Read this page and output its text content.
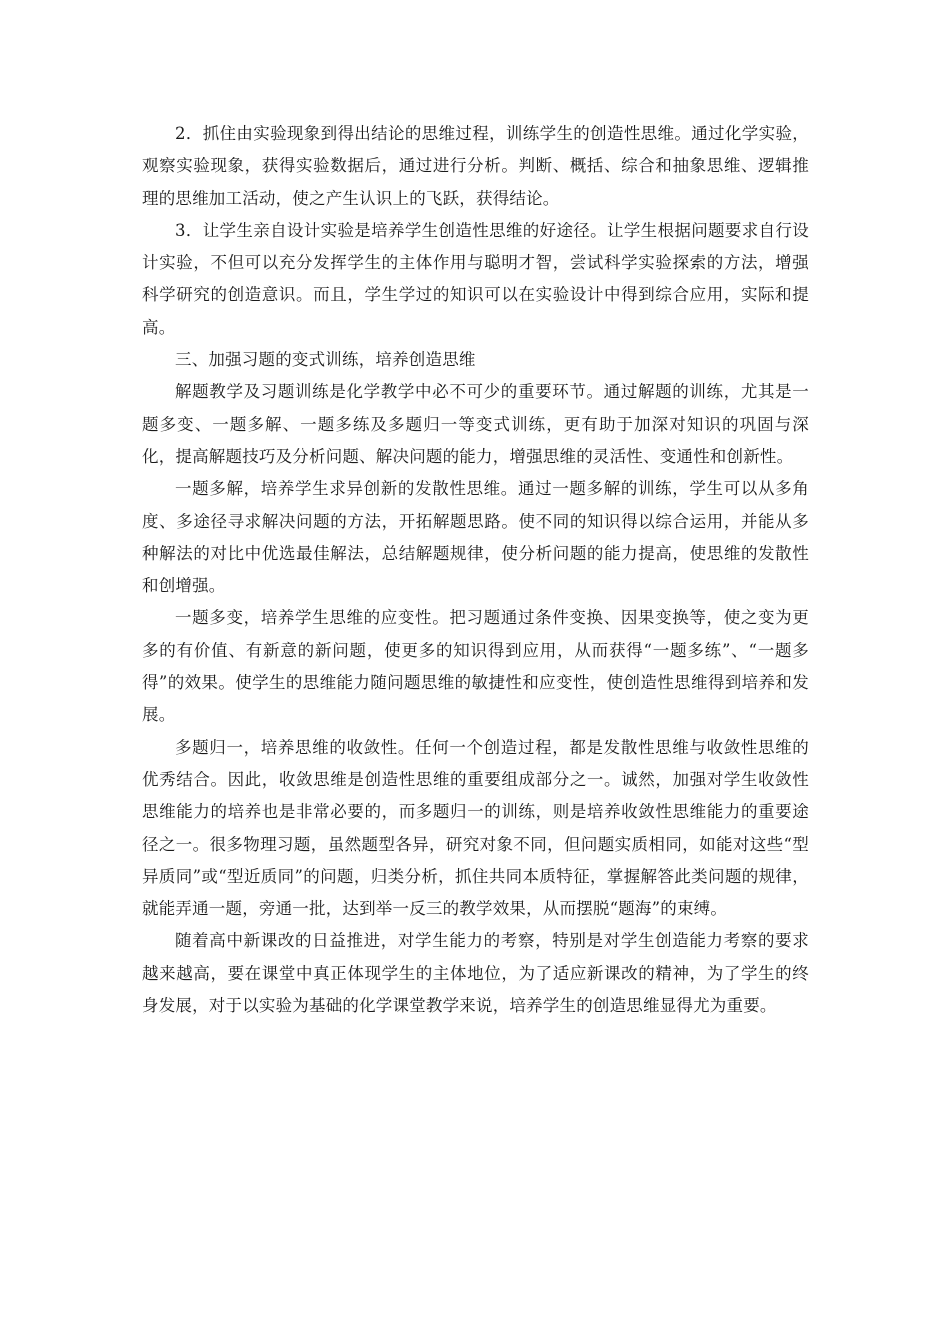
2．抓住由实验现象到得出结论的思维过程，训练学生的创造性思维。通过化学实验，观察实验现象，获得实验数据后，通过进行分析。判断、概括、综合和抽象思维、逻辑推理的思维加工活动，使之产生认识上的飞跃，获得结论。

3．让学生亲自设计实验是培养学生创造性思维的好途径。让学生根据问题要求自行设计实验，不但可以充分发挥学生的主体作用与聪明才智，尝试科学实验探索的方法，增强科学研究的创造意识。而且，学生学过的知识可以在实验设计中得到综合应用，实际和提高。

三、加强习题的变式训练，培养创造思维

解题教学及习题训练是化学教学中必不可少的重要环节。通过解题的训练，尤其是一题多变、一题多解、一题多练及多题归一等变式训练，更有助于加深对知识的巩固与深化，提高解题技巧及分析问题、解决问题的能力，增强思维的灵活性、变通性和创新性。

一题多解，培养学生求异创新的发散性思维。通过一题多解的训练，学生可以从多角度、多途径寻求解决问题的方法，开拓解题思路。使不同的知识得以综合运用，并能从多种解法的对比中优选最佳解法，总结解题规律，使分析问题的能力提高，使思维的发散性和创增强。

一题多变，培养学生思维的应变性。把习题通过条件变换、因果变换等，使之变为更多的有价值、有新意的新问题，使更多的知识得到应用，从而获得“一题多练”、“一题多得”的效果。使学生的思维能力随问题思维的敏捷性和应变性，使创造性思维得到培养和发展。

多题归一，培养思维的收敛性。任何一个创造过程，都是发散性思维与收敛性思维的优秀结合。因此，收敛思维是创造性思维的重要组成部分之一。诚然，加强对学生收敛性思维能力的培养也是非常必要的，而多题归一的训练，则是培养收敛性思维能力的重要途径之一。很多物理习题，虽然题型各异，研究对象不同，但问题实质相同，如能对这些“型异质同”或“型近质同”的问题，归类分析，抓住共同本质特征，掌握解答此类问题的规律，就能弄通一题，旁通一批，达到举一反三的教学效果，从而摆脱“题海”的束缚。

随着高中新课改的日益推进，对学生能力的考察，特别是对学生创造能力考察的要求越来越高，要在课堂中真正体现学生的主体地位，为了适应新课改的精神，为了学生的终身发展，对于以实验为基础的化学课堂教学来说，培养学生的创造思维显得尤为重要。
